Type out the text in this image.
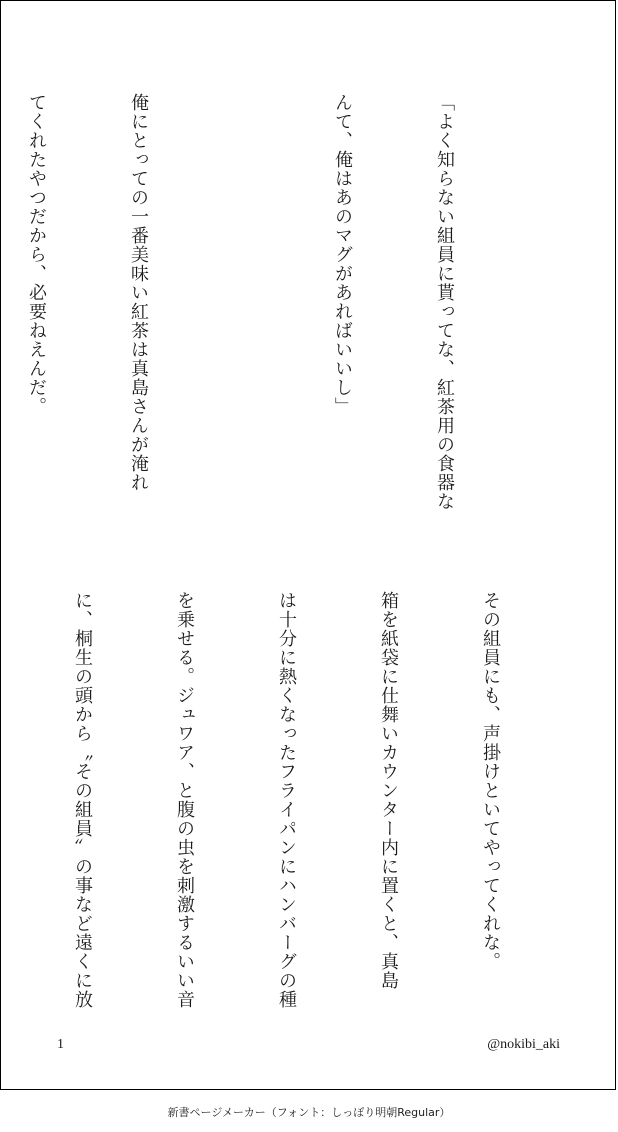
「よく知らない組員に貰ってな、紅茶用の食器な

んて、俺はあのマグがあればいいし」

俺にとっての一番美味い紅茶は真島さんが淹れ

てくれたやつだから、必要ねえんだ。

その組員にも、声掛けといてやってくれな。

箱を紙袋に仕舞いカウンター内に置くと、真島

は十分に熱くなったフライパンにハンバーグの種

を乗せる。ジュワア、と腹の虫を刺激するいい音

に、桐生の頭から〝その組員〟の事など遠くに放

1	@nokibi_aki
新書ページメーカー（フォント：しっぽり明朝Regular）
